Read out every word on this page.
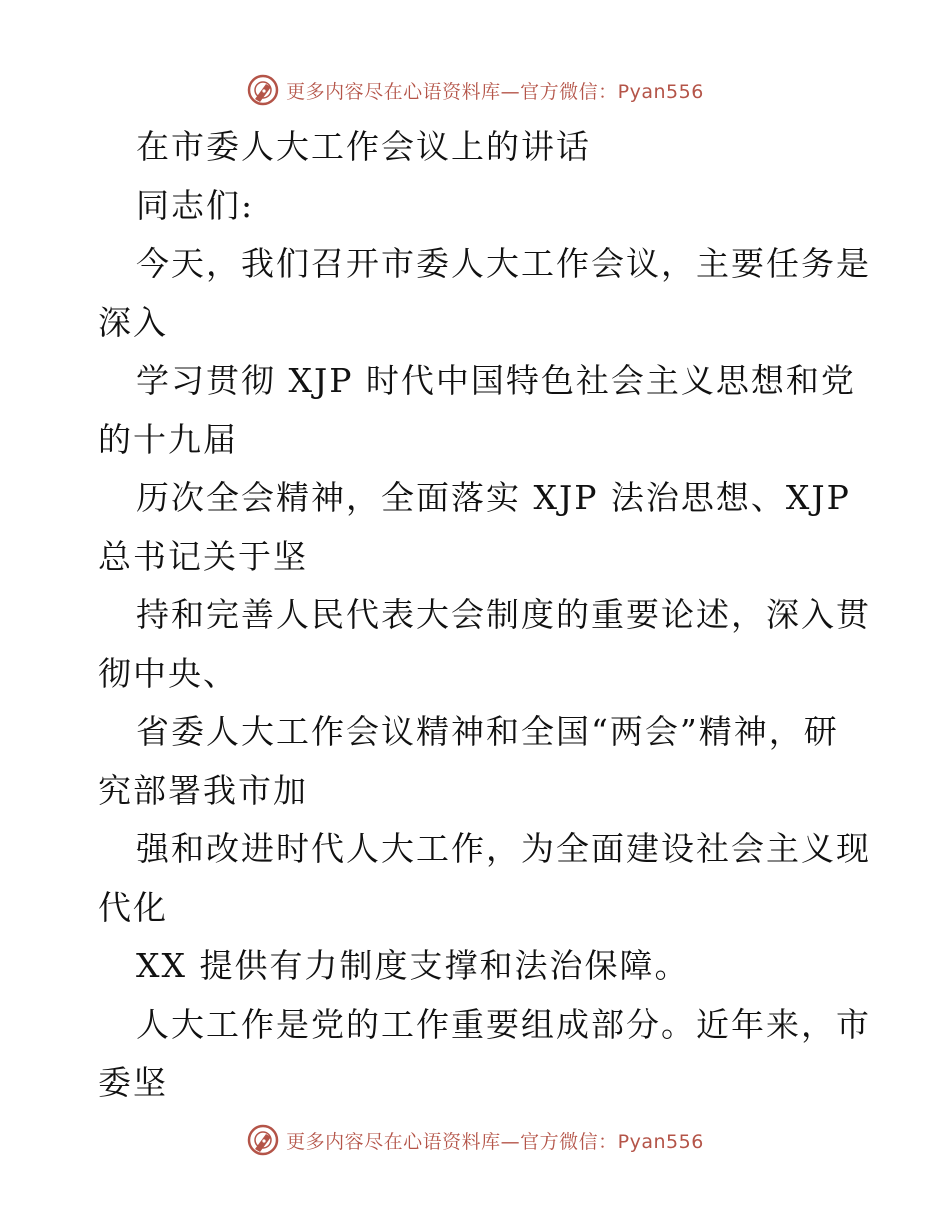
更多内容尽在心语资料库—官方微信：Pyan556
在市委人大工作会议上的讲话
同志们:
今天，我们召开市委人大工作会议，主要任务是
深入
学习贯彻 XJP 时代中国特色社会主义思想和党
的十九届
历次全会精神，全面落实 XJP 法治思想、XJP
总书记关于坚
持和完善人民代表大会制度的重要论述，深入贯
彻中央、
省委人大工作会议精神和全国“两会”精神，研
究部署我市加
强和改进时代人大工作，为全面建设社会主义现
代化
XX 提供有力制度支撑和法治保障。
人大工作是党的工作重要组成部分。近年来，市
委坚
更多内容尽在心语资料库—官方微信：Pyan556
